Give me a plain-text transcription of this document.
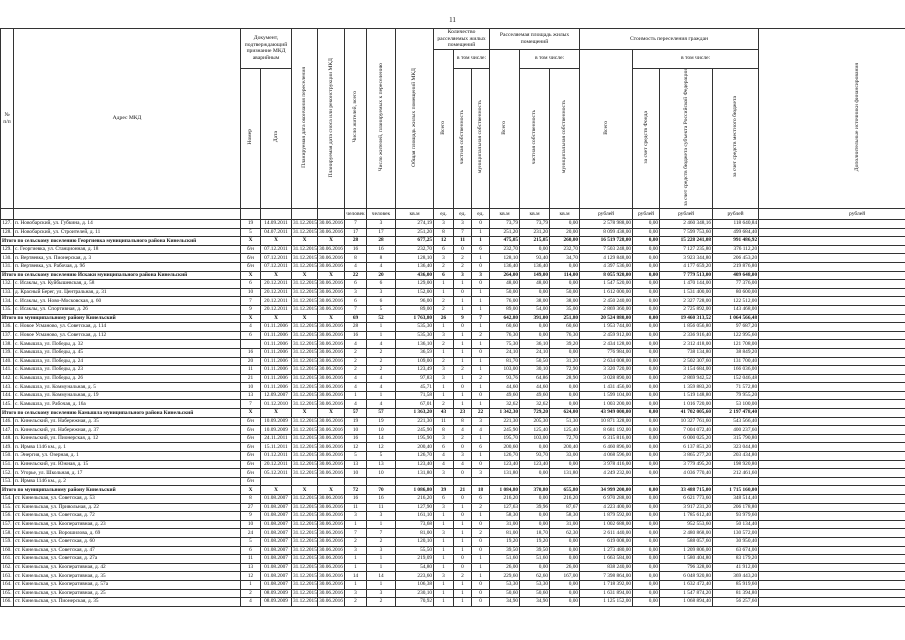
11
№ п/п	Адрес МКД	Документ, подтверждающий признание МКД аварийным		Планируемая дата окончания переселения	Планируемая дата сноса или реконструкции МКД	Число жителей, всего	Число жителей, планируемых к переселению	Общая площадь жилых помещений МКД	Количество расселяемых жилых помещений			Расселяемая площадь жилых помещений			Стоимость переселения граждан				Дополнительные источники финансирования
									Всего	в том числе:		Всего	в том числе:		Всего	в том числе:			
		Номер	Дата							частная собственность	муниципальная собственность		частная собственность	муниципальная собственность		за счет средств Фонда	за счет средств бюджета субъекта Российской Федерации	за счет средств местного бюджета	
						человек	человек	кв.м	ед.	ед.	ед.	кв.м	кв.м	кв.м	рублей	рублей	рублей	рублей	рублей
127.	п. Новобарский, ул. Губкина, д. 14	19	14.09.2011	31.12.2015	30.06.2016	7	3	274,19	3	3	0	73,79	73,79	0,00	2 578 988,00	0,00	2 460 348,16	118 640,84	
128.	п. Новобарский, ул. Строителей, д. 11	5	04.07.2011	31.12.2015	30.06.2016	17	17	251,20	8	7	1	251,20	231,20	20,00	8 099 438,00	0,00	7 599 753,60	499 684,40	
Итого по сельскому поселению Георгиевка муниципального района Кинельский		X	X	X	X	28	28	677,25	12	11	1	475,05	215,05	260,00	16 519 728,00	0,00	15 228 241,08	991 486,92	
129.	с. Георгиевка, ул. Станционная, д. 18	б/н	07.12.2011	31.12.2015	30.06.2016	16	16	232,70	6	0	6	232,70	0,00	232,70	7 503 248,00	0,00	7 127 235,80	376 112,20	
130.	п. Вертяевка, ул. Пионерская, д. 3	б/н	07.12.2011	31.12.2015	30.06.2016	8	8	128,10	3	2	1	128,10	93,40	34,70	4 129 848,00	0,00	3 923 344,80	206 453,20	
131.	п. Вертяевка, ул. Рабочая, д. 9б	б/н	07.12.2011	31.12.2015	30.06.2016	4	4	136,40	2	2	0	136,40	136,40	0,00	4 397 536,00	0,00	4 177 659,20	219 876,80	
Итого по сельскому поселению Искаки муниципального района Кинельский		X	X	X	X	22	20	436,00	6	3	3	264,00	149,00	114,00	8 055 920,00	0,00	7 779 513,00	409 648,00	
132.	с. Исаклы, ул. Куйбышевская, д. 58	6	20.12.2011	31.12.2015	30.06.2016	6	6	129,00	1	1	0	48,00	48,00	0,00	1 547 520,00	0,00	1 470 144,00	77 376,00	
133.	д. Красный Берег, ул. Центральная, д. 31	10	20.12.2011	31.12.2015	30.06.2016	3	3	152,00	1	0	1	50,00	0,00	50,00	1 612 000,00	0,00	1 531 400,00	80 600,00	
134.	с. Исаклы, ул. Ново-Московская, д. 60	7	20.12.2011	31.12.2015	30.06.2016	6	6	96,00	2	1	1	76,00	38,00	38,00	2 450 240,00	0,00	2 327 728,00	122 512,00	
135.	с. Исаклы, ул. Спортивная, д. 26	9	20.12.2011	31.12.2015	30.06.2016	7	5	89,00	2	1	1	89,00	54,00	35,00	2 869 360,00	0,00	2 725 892,00	143 468,00	
Итого по муниципальному району Кинельский		X	X	X	X	69	52	1 763,80	26	9	7	642,80	391,00	251,80	20 524 880,00	0,00	19 460 313,52	1 064 566,48	
136.	с. Новое Усманово, ул. Советская, д. 114	4	01.11.2006	31.12.2015	30.06.2016	28	1	535,30	1	0	1	60,60	0,00	60,60	1 953 744,00	0,00	1 856 056,80	97 687,20	
137.	с. Новое Усманово, ул. Советская, д. 112	6	01.11.2006	31.12.2015	30.06.2016	16	1	535,30	3	1	2	76,30	0,00	76,30	2 459 912,00	0,00	2 336 916,40	122 995,60	
138.	с. Камышла, ул. Победы, д. 32		01.11.2006	31.12.2015	30.06.2016	4	4	136,10	2	1	1	75,30	36,10	39,20	2 434 128,00	0,00	2 312 418,00	121 708,00	
139.	с. Камышла, ул. Победы, д. 45	16	01.11.2006	31.12.2015	30.06.2016	2	2	36,59	1	1	0	24,10	24,10	0,00	776 984,00	0,00	738 134,80	38 849,20	
140.	с. Камышла, ул. Победы, д. 24	20	01.11.2006	31.12.2015	30.06.2016	2	2	109,00	2	1	1	81,70	50,50	31,20	2 634 008,00	0,00	2 502 307,60	131 700,40	
141.	с. Камышла, ул. Победы, д. 23	11	01.11.2006	31.12.2015	30.06.2016	2	2	123,49	3	2	1	103,00	30,10	72,90	3 320 720,00	0,00	3 154 684,00	166 036,00	
142.	с. Камышла, ул. Победы, д. 26	21	01.11.2006	31.12.2015	30.06.2016	4	4	97,83	3	1	2	93,76	64,86	28,90	3 028 890,00	0,00	2 869 942,52	152 046,48	
143.	с. Камышла, ул. Коммунальная, д. 5	10	01.11.2006	31.12.2015	30.06.2016	4	4	45,71	1	0	1	44,60	44,60	0,00	1 431 456,00	0,00	1 359 883,20	71 572,80	
144.	с. Камышла, ул. Коммунальная, д. 19	13	12.09.2007	31.12.2015	30.06.2016	1	1	71,58	1	1	0	49,60	49,60	0,00	1 599 104,00	0,00	1 519 148,80	79 955,20	
145.	с. Камышла, ул. Рабочая, д. 16а	7	01.12.2010	31.12.2015	30.06.2016	4	4	67,01	2	1	1	32,62	32,62	0,00	1 003 200,00	0,00	1 016 720,00	53 100,00	
Итого по сельскому поселению Камышла муниципального района Кинельский		X	X	X	X	57	57	1 363,20	43	23	22	1 342,30	729,20	624,00	43 949 000,00	0,00	41 702 005,60	2 197 478,40	
146.	п. Кинельский, ул. Набережная, д. 35	б/н	10.09.2009	31.12.2015	30.06.2016	19	19	221,30	11	8	3	221,30	205,30	51,30	10 871 328,00	0,00	10 327 761,60	543 566,40	
147.	п. Кинельский, ул. Набережная, д. 37	б/н	10.09.2009	31.12.2015	30.06.2016	10	10	245,90	8	4	4	245,90	125,40	125,40	8 681 192,00	0,00	7 004 072,40	400 237,60	
148.	п. Кинельский, ул. Пионерская, д. 12	б/н	24.11.2011	31.12.2015	30.06.2016	16	14	195,90	3	2	1	195,70	103,00	72,70	6 315 816,00	0,00	6 000 025,20	315 790,80	
149.	п. Ирмва 1146 км., д. 1	б/н	15.11.2011	31.12.2015	30.06.2016	12	12	200,40	6	0	6	200,60	0,00	200,40	6 460 896,00	0,00	6 137 851,20	323 044,80	
150.	п. Энергия, ул. Озерная, д. 1	б/н	01.12.2011	31.12.2015	30.06.2016	5	5	126,70	4	3	1	126,70	93,70	33,00	4 068 596,00	0,00	3 865 277,20	203 434,80	
151.	п. Кинельский, ул. Южная, д. 15	б/н	20.12.2011	31.12.2015	30.06.2016	13	13	123,40	4	4	0	123,40	123,40	0,00	3 978 416,00	0,00	3 779 495,20	198 920,80	
152.	п. Угорье, ул. Школьная, д. 17	б/н	05.12.2011	31.12.2015	30.06.2016	10	10	131,80	3	0	3	131,80	0,00	131,80	4 249 232,00	0,00	4 036 770,40	212 461,60	
153.	п. Ирмва 1146 км., д. 2	б/н																	
Итого по муниципальному району Кинельский		X	X	X	X	72	70	1 086,80	39	21	18	1 084,80	370,80	655,80	34 999 200,00	0,00	33 488 715,00	1 715 160,00	
154.	ст. Кинельская, ул. Советская, д. 53	8	01.08.2007	31.12.2015	30.06.2016	16	16	216,20	6	0	6	216,20	0,00	216,20	6 970 288,00	0,00	6 621 773,60	348 514,40	
155.	ст. Кинельская, ул. Привольная, д. 22	27	01.08.2007	31.12.2015	30.06.2016	11	11	127,90	3	1	2	127,63	39,96	87,67	4 223 400,00	0,00	3 917 231,20	206 178,80	
156.	ст. Кинельская, ул. Советская, д. 72	9	01.08.2007	31.12.2015	30.06.2016	3	3	161,10	1	0	1	58,30	0,00	58,30	1 879 592,00	0,00	1 785 612,40	93 979,60	
157.	ст. Кинельская, ул. Кооперативная, д. 23	10	01.08.2007	31.12.2015	30.06.2016	1	1	73,68	1	1	0	31,00	0,00	31,00	1 002 688,00	0,00	952 553,60	50 134,40	
158.	ст. Кинельская, ул. Ворошилова, д. 69	24	01.08.2007	31.12.2015	30.06.2016	7	7	81,00	3	1	2	81,00	18,70	62,30	2 611 440,00	0,00	2 480 868,00	130 572,00	
159.	ст. Кинельская, ул. Советская, д. 60	5	01.08.2007	31.12.2015	30.06.2016	2	2	120,10	1	1	0	19,20	19,20	0,00	619 008,00	0,00	588 057,60	30 950,40	
160.	ст. Кинельская, ул. Советская, д. 47	6	01.08.2007	31.12.2015	30.06.2016	3	3	55,50	1	1	0	39,50	39,50	0,00	1 273 480,00	0,00	1 209 806,00	63 674,00	
161.	ст. Кинельская, ул. Советская, д. 27а	11	01.08.2007	31.12.2015	30.06.2016	1	1	219,09	1	0	1	51,60	51,60	0,00	1 663 584,00	0,00	1 580 404,80	83 179,20	
162.	ст. Кинельская, ул. Кооперативная, д. 42	13	01.08.2007	31.12.2015	30.06.2016	1	1	54,80	1	0	1	26,00	0,00	26,00	838 240,00	0,00	796 328,00	41 912,00	
163.	ст. Кинельская, ул. Кооперативная, д. 35	12	01.08.2007	31.12.2015	30.06.2016	14	14	223,60	3	2	1	229,60	62,60	167,00	7 398 864,00	0,00	6 048 920,80	369 443,20	
164.	ст. Кинельская, ул. Кооперативная, д. 57а	1	01.08.2007	31.12.2015	30.06.2016	1	1	106,38	1	1	0	53,30	53,30	0,00	1 718 392,00	0,00	1 632 472,40	85 919,60	
165.	ст. Кинельская, ул. Кооперативная, д. 25	2	08.09.2009	31.12.2015	30.06.2016	3	3	230,10	1	1	0	50,60	50,60	0,00	1 631 894,00	0,00	1 547 874,20	81 394,80	
166.	ст. Кинельская, ул. Пионерская, д. 35	4	08.09.2009	31.12.2015	30.06.2016	2	2	70,92	1	1	0	34,90	34,90	0,00	1 125 152,00	0,00	1 068 894,40	56 257,60	
